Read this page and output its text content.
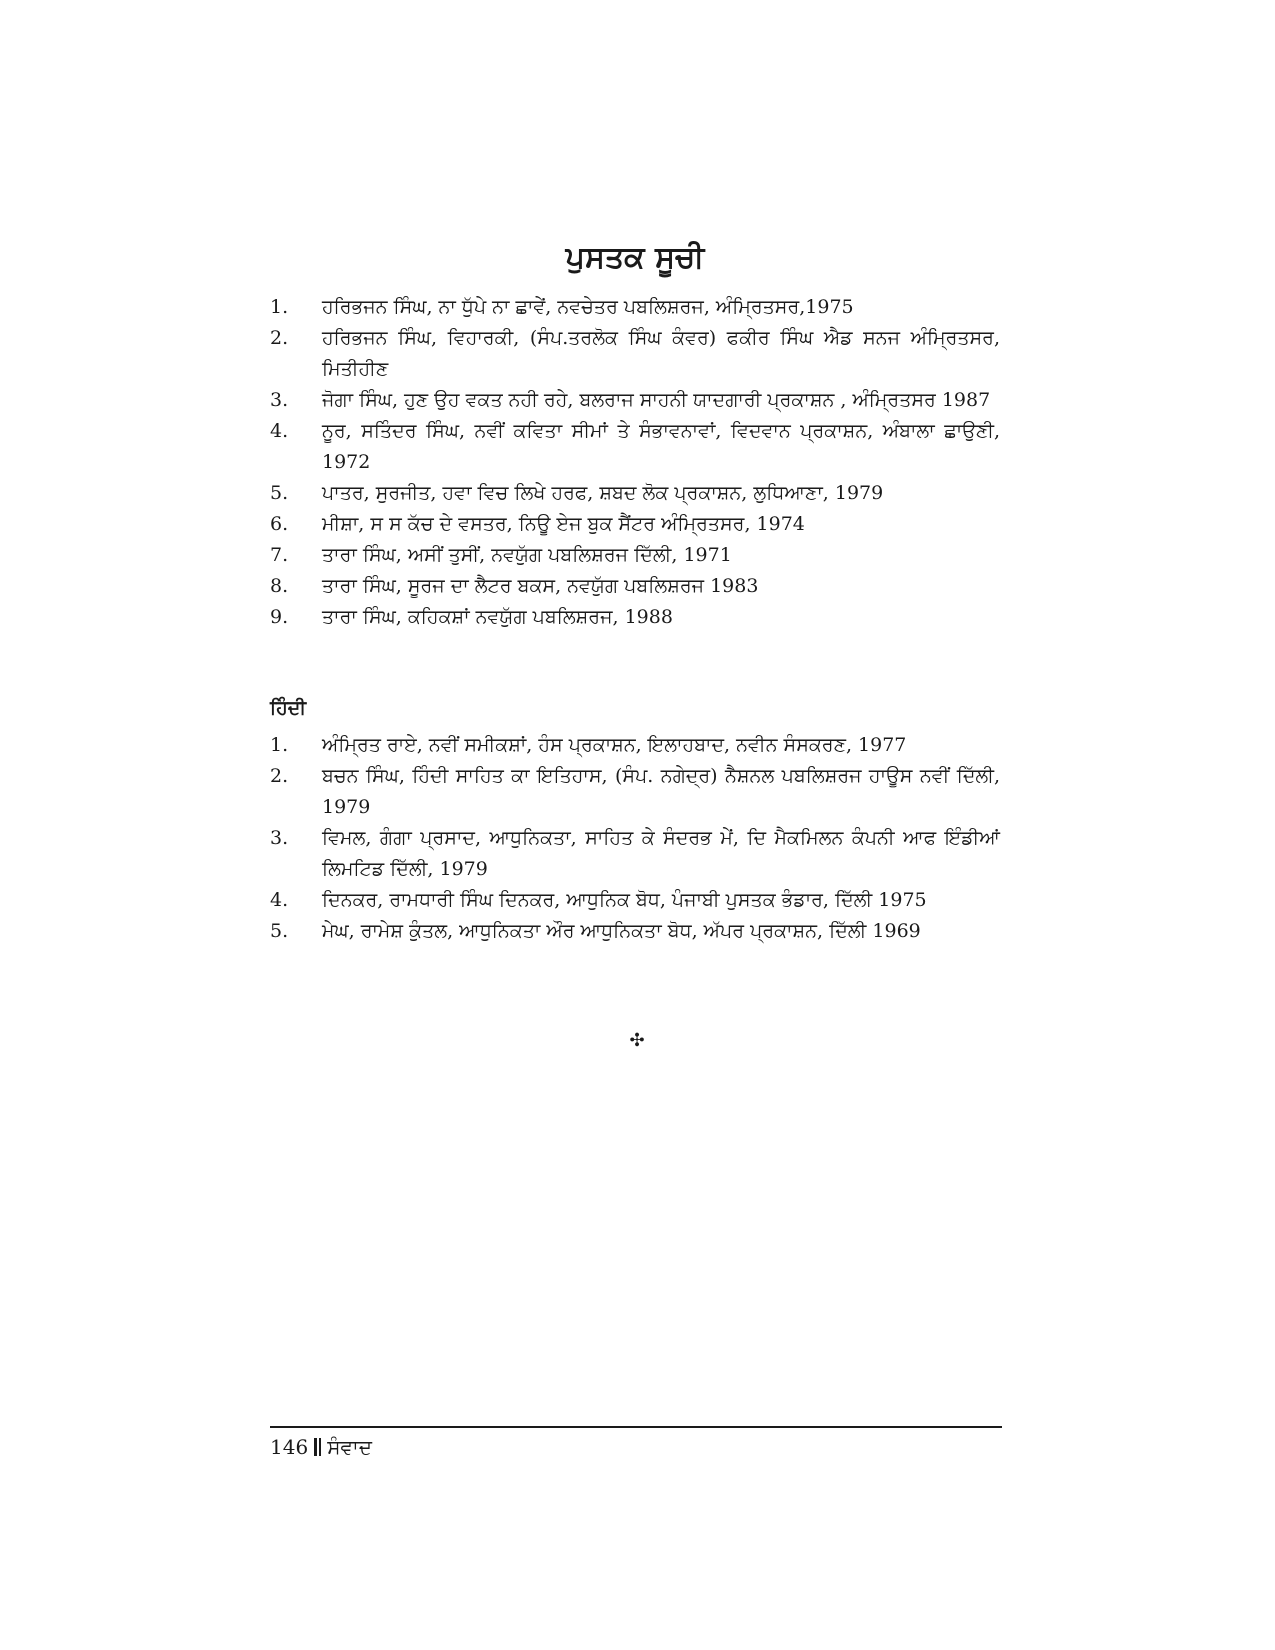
ਪੁਸਤਕ ਸੂਚੀ
1.	ਹਰਿਭਜਨ ਸਿੰਘ, ਨਾ ਧੁੱਪੇ ਨਾ ਛਾਵੇਂ, ਨਵਚੇਤਰ ਪਬਲਿਸ਼ਰਜ, ਅੰਮ੍ਰਿਤਸਰ,1975
2.	ਹਰਿਭਜਨ ਸਿੰਘ, ਵਿਹਾਰਕੀ, (ਸੰਪ.ਤਰਲੋਕ ਸਿੰਘ ਕੰਵਰ) ਫਕੀਰ ਸਿੰਘ ਐਡ ਸਨਜ ਅੰਮ੍ਰਿਤਸਰ, ਮਿਤੀਹੀਣ
3.	ਜੋਗਾ ਸਿੰਘ, ਹੁਣ ਉਹ ਵਕਤ ਨਹੀ ਰਹੇ, ਬਲਰਾਜ ਸਾਹਨੀ ਯਾਦਗਾਰੀ ਪ੍ਰਕਾਸ਼ਨ , ਅੰਮ੍ਰਿਤਸਰ 1987
4.	ਨੂਰ, ਸਤਿੰਦਰ ਸਿੰਘ, ਨਵੀਂ ਕਵਿਤਾ ਸੀਮਾਂ ਤੇ ਸੰਭਾਵਨਾਵਾਂ, ਵਿਦਵਾਨ ਪ੍ਰਕਾਸ਼ਨ, ਅੰਬਾਲਾ ਛਾਉਣੀ, 1972
5.	ਪਾਤਰ, ਸੁਰਜੀਤ, ਹਵਾ ਵਿਚ ਲਿਖੇ ਹਰਫ, ਸ਼ਬਦ ਲੋਕ ਪ੍ਰਕਾਸ਼ਨ, ਲੁਧਿਆਣਾ, 1979
6.	ਮੀਸ਼ਾ, ਸ ਸ ਕੱਚ ਦੇ ਵਸਤਰ, ਨਿਊ ਏਜ ਬੁਕ ਸੈਂਟਰ ਅੰਮ੍ਰਿਤਸਰ, 1974
7.	ਤਾਰਾ ਸਿੰਘ, ਅਸੀਂ ਤੁਸੀਂ, ਨਵਯੁੱਗ ਪਬਲਿਸ਼ਰਜ ਦਿੱਲੀ, 1971
8.	ਤਾਰਾ ਸਿੰਘ, ਸੂਰਜ ਦਾ ਲੈਟਰ ਬਕਸ, ਨਵਯੁੱਗ ਪਬਲਿਸ਼ਰਜ 1983
9.	ਤਾਰਾ ਸਿੰਘ, ਕਹਿਕਸ਼ਾਂ ਨਵਯੁੱਗ ਪਬਲਿਸ਼ਰਜ, 1988
ਹਿੰਦੀ
1.	ਅੰਮ੍ਰਿਤ ਰਾਏ, ਨਵੀਂ ਸਮੀਕਸ਼ਾਂ, ਹੰਸ ਪ੍ਰਕਾਸ਼ਨ, ਇਲਾਹਬਾਦ, ਨਵੀਨ ਸੰਸਕਰਣ, 1977
2.	ਬਚਨ ਸਿੰਘ, ਹਿੰਦੀ ਸਾਹਿਤ ਕਾ ਇਤਿਹਾਸ, (ਸੰਪ. ਨਗੇਦ੍ਰ) ਨੈਸ਼ਨਲ ਪਬਲਿਸ਼ਰਜ ਹਾਊਸ ਨਵੀਂ ਦਿੱਲੀ, 1979
3.	ਵਿਮਲ, ਗੰਗਾ ਪ੍ਰਸਾਦ, ਆਧੁਨਿਕਤਾ, ਸਾਹਿਤ ਕੇ ਸੰਦਰਭ ਮੇਂ, ਦਿ ਮੈਕਮਿਲਨ ਕੰਪਨੀ ਆਫ ਇੰਡੀਆਂ ਲਿਮਟਿਡ ਦਿੱਲੀ, 1979
4.	ਦਿਨਕਰ, ਰਾਮਧਾਰੀ ਸਿੰਘ ਦਿਨਕਰ, ਆਧੁਨਿਕ ਬੋਧ, ਪੰਜਾਬੀ ਪੁਸਤਕ ਭੰਡਾਰ, ਦਿੱਲੀ 1975
5.	ਮੇਘ, ਰਾਮੇਸ਼ ਕੁੰਤਲ, ਆਧੁਨਿਕਤਾ ਔਰ ਆਧੁਨਿਕਤਾ ਬੋਧ, ਅੱਪਰ ਪ੍ਰਕਾਸ਼ਨ, ਦਿੱਲੀ 1969
✣
146 ਸੰਵਾਦ
